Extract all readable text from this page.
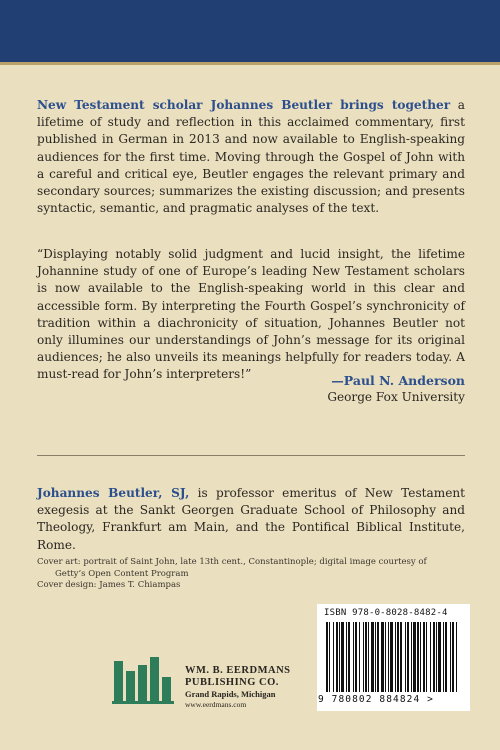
New Testament scholar Johannes Beutler brings together a lifetime of study and reflection in this acclaimed commentary, first published in German in 2013 and now available to English-speaking audiences for the first time. Moving through the Gospel of John with a careful and critical eye, Beutler engages the relevant primary and secondary sources; summarizes the existing discussion; and presents syntactic, semantic, and pragmatic analyses of the text.

“Displaying notably solid judgment and lucid insight, the lifetime Johannine study of one of Europe’s leading New Testament scholars is now available to the English-speaking world in this clear and accessible form. By interpreting the Fourth Gospel’s synchronicity of tradition within a diachronicity of situation, Johannes Beutler not only illumines our understandings of John’s message for its original audiences; he also unveils its meanings helpfully for readers today. A must-read for John’s interpreters!”	—Paul N. Anderson
George Fox University

Johannes Beutler, SJ, is professor emeritus of New Testament exegesis at the Sankt Georgen Graduate School of Philosophy and Theology, Frankfurt am Main, and the Pontifical Biblical Institute, Rome.

Cover art: portrait of Saint John, late 13th cent., Constantinople; digital image courtesy of
Getty’s Open Content Program
Cover design: James T. Chiampas
WM. B. EERDMANS
PUBLISHING CO.
Grand Rapids, Michigan
www.eerdmans.com
ISBN 978-0-8028-8482-4
9 780802 884824 >
